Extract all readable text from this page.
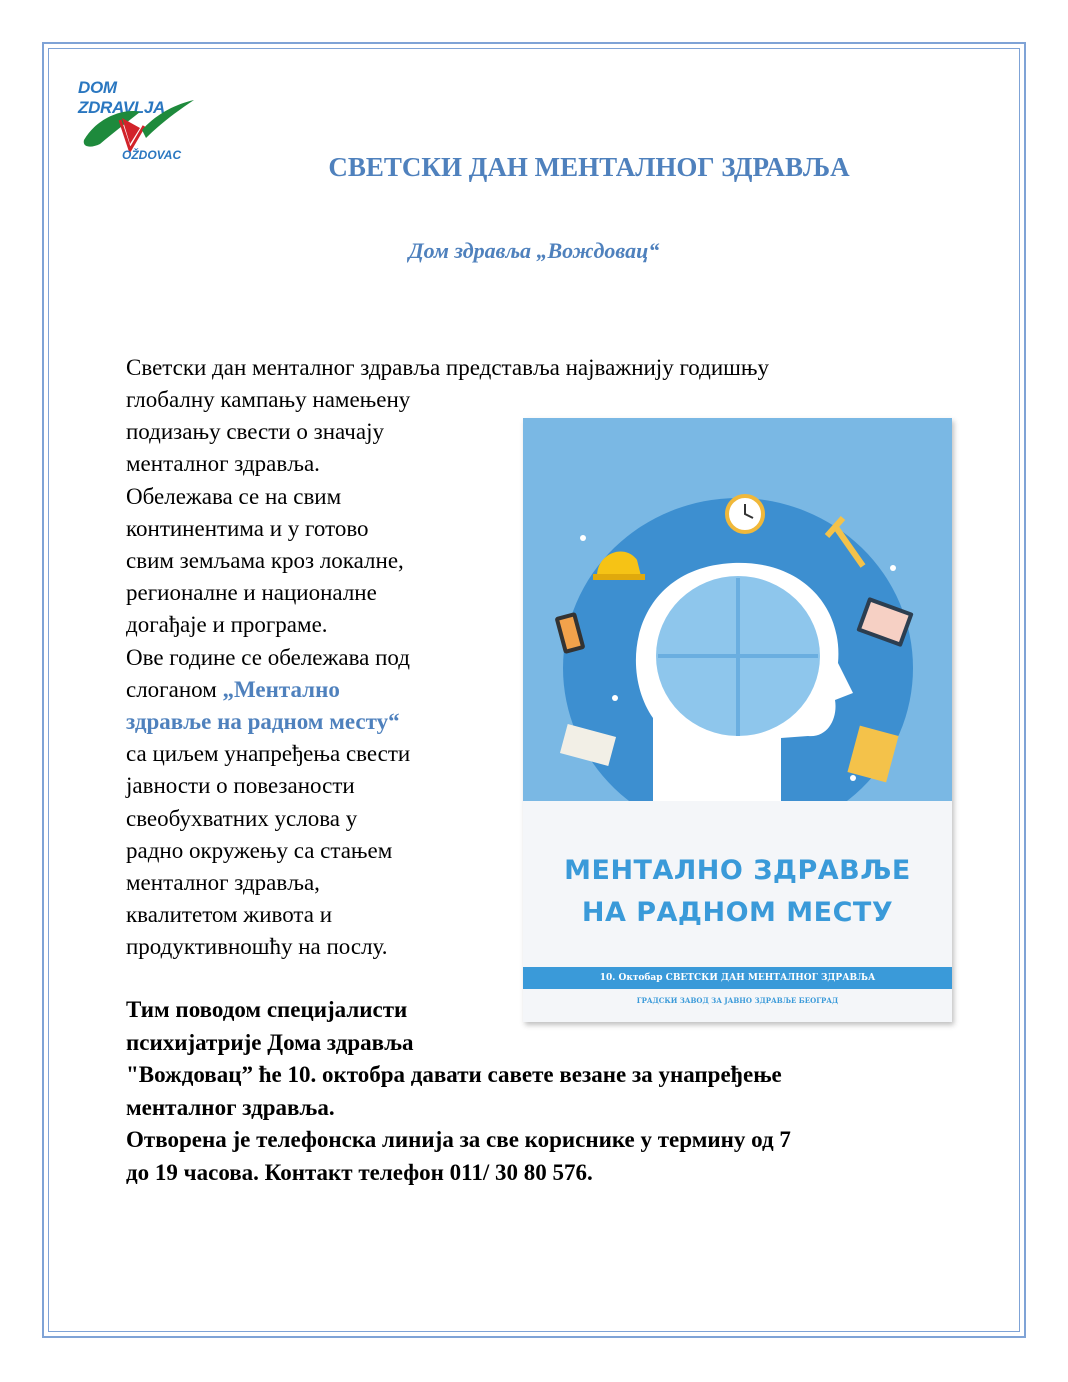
DOM ZDRAVLJA
OŽDOVAC	СВЕТСКИ ДАН МЕНТАЛНОГ ЗДРАВЉА
Дом здравља „Вождовац“
Светски дан менталног здравља представља најважнију годишњу
глобалну кампању намењену
подизању свести о значају
менталног здравља.
Обележава се на свим
континентима и у готово
свим земљама кроз локалне,
регионалне и националне
догађаје и програме.
Ове године се обележава под
слоганом „Ментално
здравље на радном месту“
са циљем унапређења свести
јавности о повезаности
свеобухватних услова у
радно окружењу са стањем
менталног здравља,
квалитетом живота и
продуктивношћу на послу.
Тим поводом специјалисти
психијатрије Дома здравља
"Вождовац” ће 10. октобра давати савете везане за унапређење
менталног здравља.
Отворена је телефонска линија за све кориснике у термину од 7
до 19 часова. Контакт телефон 011/ 30 80 576.
МЕНТАЛНО ЗДРАВЉЕ
НА РАДНОМ МЕСТУ
10. Октобар СВЕТСКИ ДАН МЕНТАЛНОГ ЗДРАВЉА
ГРАДСКИ ЗАВОД ЗА ЈАВНО ЗДРАВЉЕ БЕОГРАД
